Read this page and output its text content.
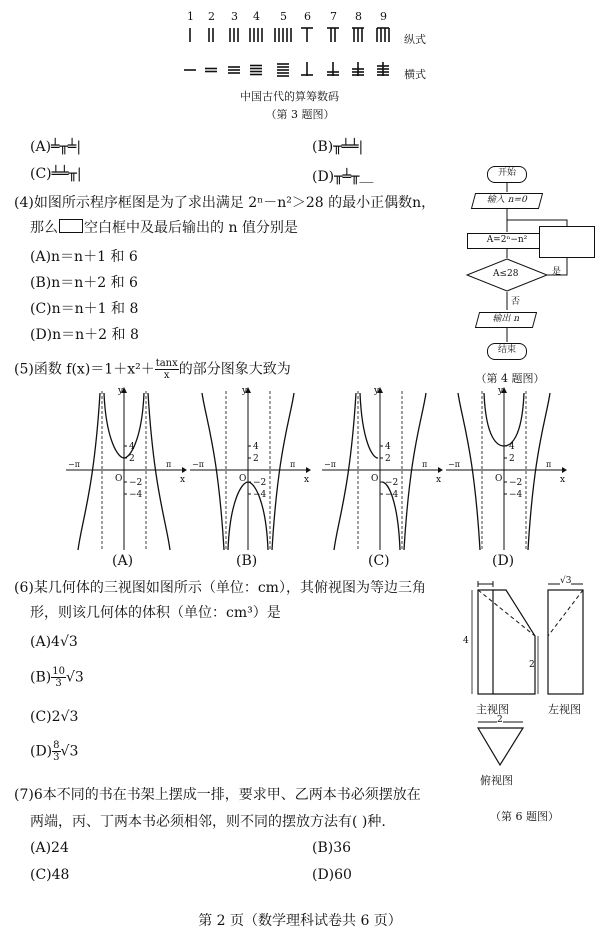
1 2 3 4 5 6 7 8 9
纵式
横式
中国古代的算筹数码
（第 3 题图）
(A)╧╥╧|	(B)╥╧╧|
(C)╧╧╥|	(D)╥╧╥＿
(4)如图所示程序框图是为了求出满足 2ⁿ－n²＞28 的最小正偶数n，
那么 空白框中及最后输出的 n 值分别是
(A)n＝n＋1 和 6
(B)n＝n＋2 和 6
(C)n＝n＋1 和 8
(D)n＝n＋2 和 8
开始
输入 n=0
A=2ⁿ−n²
A≤28	是
否
输出 n
结束
（第 4 题图）
(5)函数 $f(x)=1+x^2+ \frac{\tan x}{x}$ 的部分图象大致为
y
x
O
−π	π
4
2
−2
−4
(A)
y
x
O
−π	π
4
2
−2
−4
(B)
y
x
O
−π	π
4
2
−2
−4
(C)
y
x
O
−π	π
4
2
−2
−4
(D)
(6)某几何体的三视图如图所示（单位：cm），其俯视图为等边三角
形，则该几何体的体积（单位：cm³）是
(A)4√3
$(B) \frac{10}{3} √3$
(C)2√3
$(D) \frac{8}{3} √3$
4
2
√3
2
主视图	左视图
俯视图
（第 6 题图）
(7)6本不同的书在书架上摆成一排，要求甲、乙两本书必须摆放在
两端，丙、丁两本书必须相邻，则不同的摆放方法有( )种.
(A)24	(B)36
(C)48	(D)60
第 2 页（数学理科试卷共 6 页）
